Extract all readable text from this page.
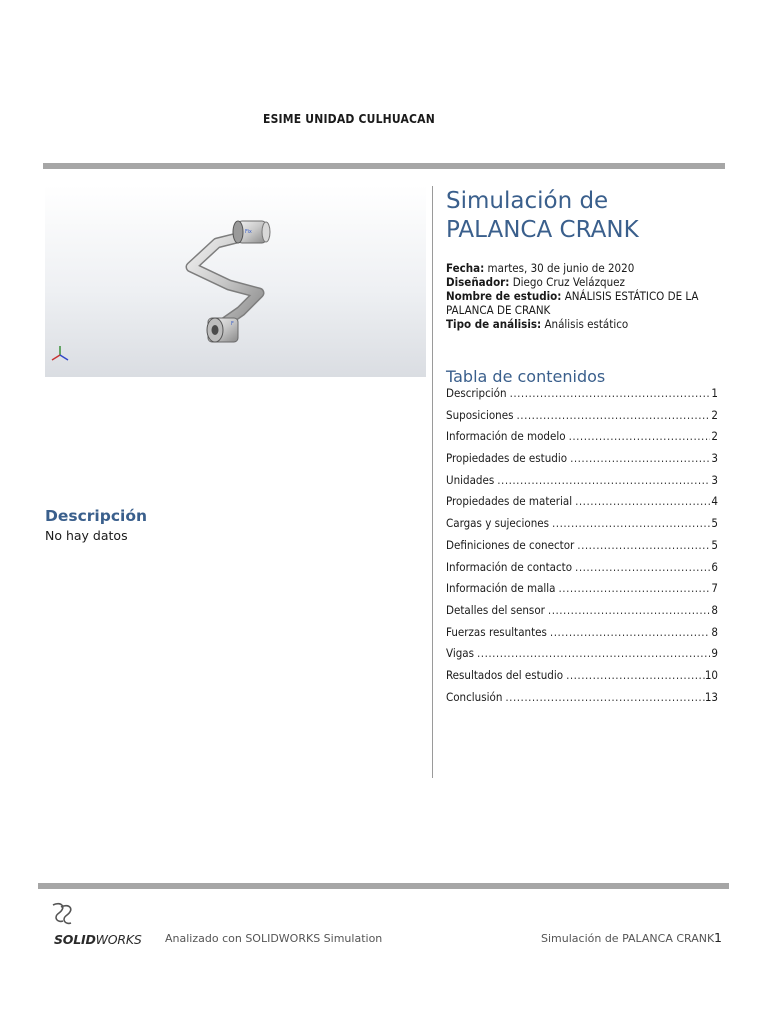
ESIME UNIDAD CULHUACAN
Fix
F
Simulación de
PALANCA CRANK
Fecha: martes, 30 de junio de 2020
Diseñador: Diego Cruz Velázquez
Nombre de estudio: ANÁLISIS ESTÁTICO DE LA PALANCA DE CRANK
Tipo de análisis: Análisis estático
Tabla de contenidos
Descripción .....	1
Suposiciones .....	2
Información de modelo .....	2
Propiedades de estudio .....	3
Unidades .....	3
Propiedades de material .....	4
Cargas y sujeciones .....	5
Definiciones de conector .....	5
Información de contacto .....	6
Información de malla .....	7
Detalles del sensor .....	8
Fuerzas resultantes .....	8
Vigas .....	9
Resultados del estudio .....	10
Conclusión .....	13
Descripción
No hay datos
SOLIDWORKS Analizado con SOLIDWORKS Simulation	Simulación de PALANCA CRANK 1
